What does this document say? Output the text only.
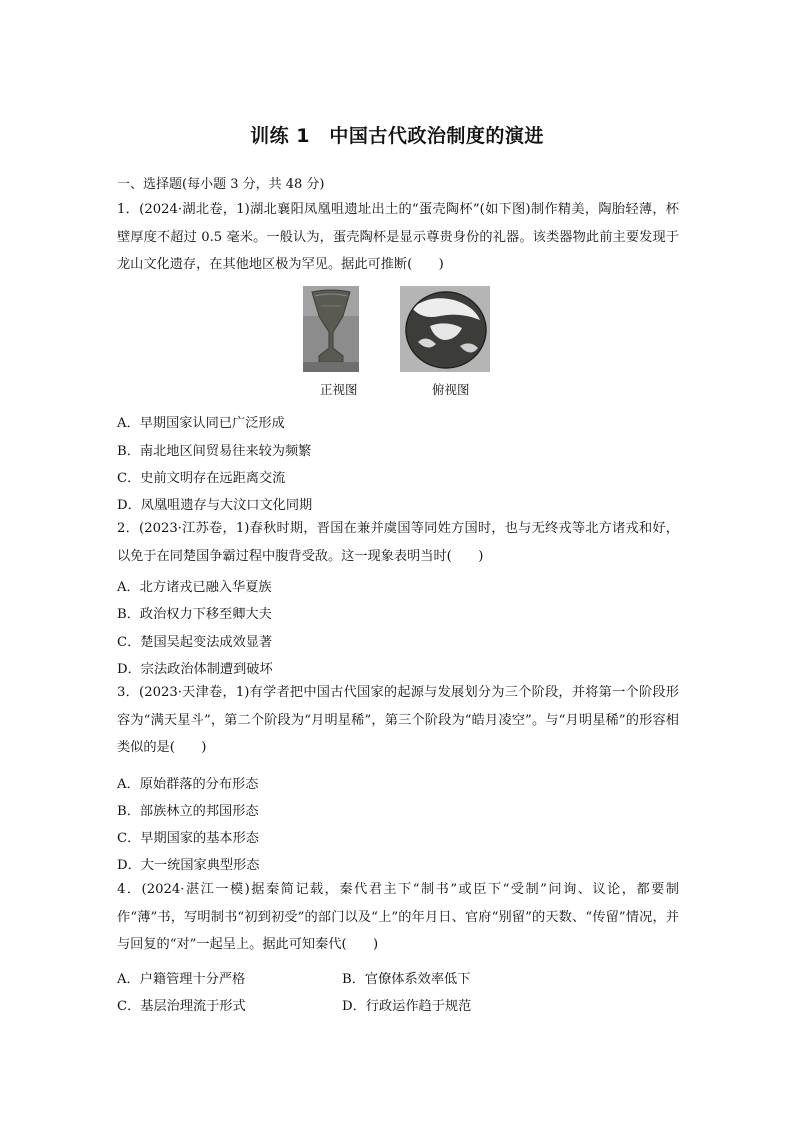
训练 1　中国古代政治制度的演进
一、选择题(每小题 3 分，共 48 分)
1．(2024·湖北卷，1)湖北襄阳凤凰咀遗址出土的“蛋壳陶杯”(如下图)制作精美，陶胎轻薄，杯壁厚度不超过 0.5 毫米。一般认为，蛋壳陶杯是显示尊贵身份的礼器。该类器物此前主要发现于龙山文化遗存，在其他地区极为罕见。据此可推断(　　)
正视图	俯视图
A．早期国家认同已广泛形成
B．南北地区间贸易往来较为频繁
C．史前文明存在远距离交流
D．凤凰咀遗存与大汶口文化同期
2．(2023·江苏卷，1)春秋时期，晋国在兼并虞国等同姓方国时，也与无终戎等北方诸戎和好，以免于在同楚国争霸过程中腹背受敌。这一现象表明当时(　　)
A．北方诸戎已融入华夏族
B．政治权力下移至卿大夫
C．楚国吴起变法成效显著
D．宗法政治体制遭到破坏
3．(2023·天津卷，1)有学者把中国古代国家的起源与发展划分为三个阶段，并将第一个阶段形容为“满天星斗”，第二个阶段为“月明星稀”，第三个阶段为“皓月凌空”。与“月明星稀”的形容相类似的是(　　)
A．原始群落的分布形态
B．部族林立的邦国形态
C．早期国家的基本形态
D．大一统国家典型形态
4．(2024·湛江一模)据秦简记载，秦代君主下“制书”或臣下“受制”问询、议论，都要制作“薄”书，写明制书“初到初受”的部门以及“上”的年月日、官府“别留”的天数、“传留”情况，并与回复的“对”一起呈上。据此可知秦代(　　)
A．户籍管理十分严格	B．官僚体系效率低下
C．基层治理流于形式	D．行政运作趋于规范
